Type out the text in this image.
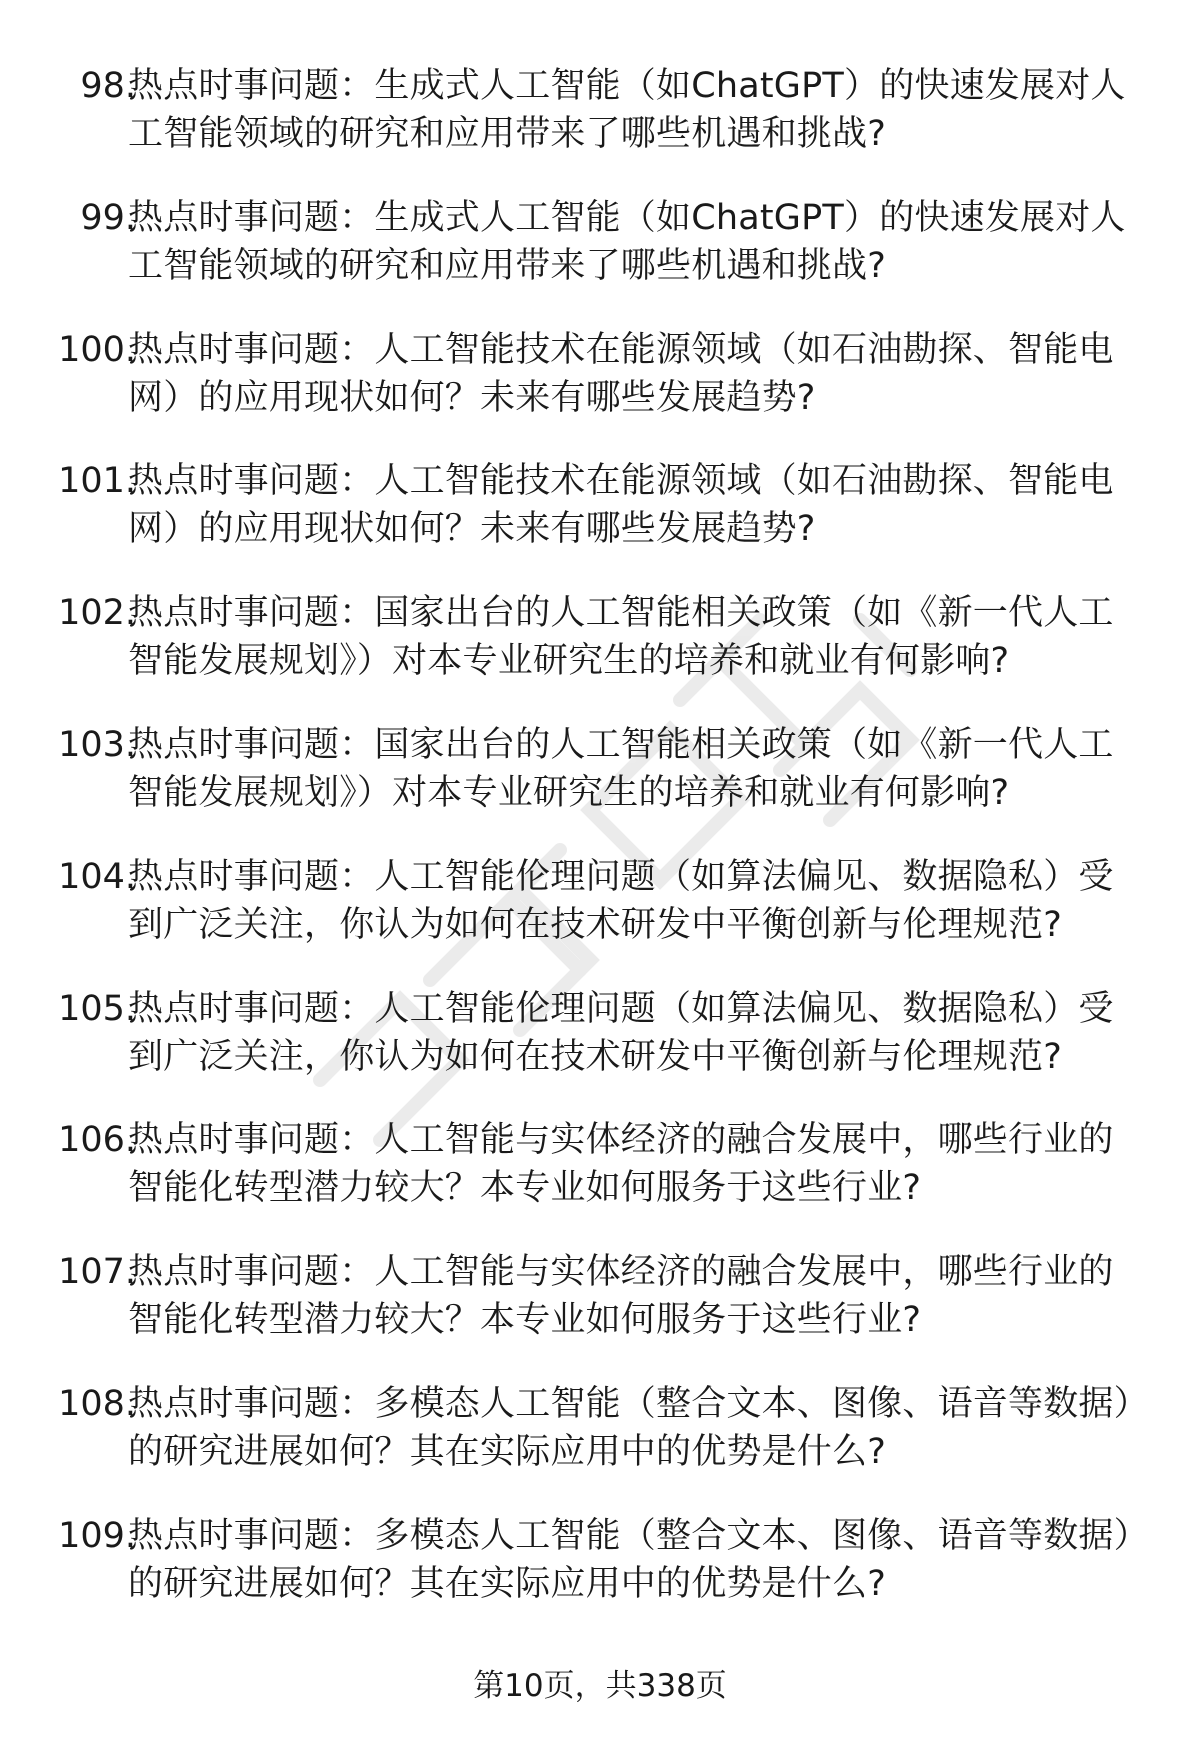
98.
热点时事问题：生成式人工智能（如ChatGPT）的快速发展对人工智能领域的研究和应用带来了哪些机遇和挑战?
99.
热点时事问题：生成式人工智能（如ChatGPT）的快速发展对人工智能领域的研究和应用带来了哪些机遇和挑战?
100.
热点时事问题：人工智能技术在能源领域（如石油勘探、智能电网）的应用现状如何？未来有哪些发展趋势?
101.
热点时事问题：人工智能技术在能源领域（如石油勘探、智能电网）的应用现状如何？未来有哪些发展趋势?
102.
热点时事问题：国家出台的人工智能相关政策（如《新一代人工智能发展规划》）对本专业研究生的培养和就业有何影响?
103.
热点时事问题：国家出台的人工智能相关政策（如《新一代人工智能发展规划》）对本专业研究生的培养和就业有何影响?
104.
热点时事问题：人工智能伦理问题（如算法偏见、数据隐私）受到广泛关注，你认为如何在技术研发中平衡创新与伦理规范?
105.
热点时事问题：人工智能伦理问题（如算法偏见、数据隐私）受到广泛关注，你认为如何在技术研发中平衡创新与伦理规范?
106.
热点时事问题：人工智能与实体经济的融合发展中，哪些行业的智能化转型潜力较大？本专业如何服务于这些行业?
107.
热点时事问题：人工智能与实体经济的融合发展中，哪些行业的智能化转型潜力较大？本专业如何服务于这些行业?
108.
热点时事问题：多模态人工智能（整合文本、图像、语音等数据）的研究进展如何？其在实际应用中的优势是什么?
109.
热点时事问题：多模态人工智能（整合文本、图像、语音等数据）的研究进展如何？其在实际应用中的优势是什么?
第10页，共338页
